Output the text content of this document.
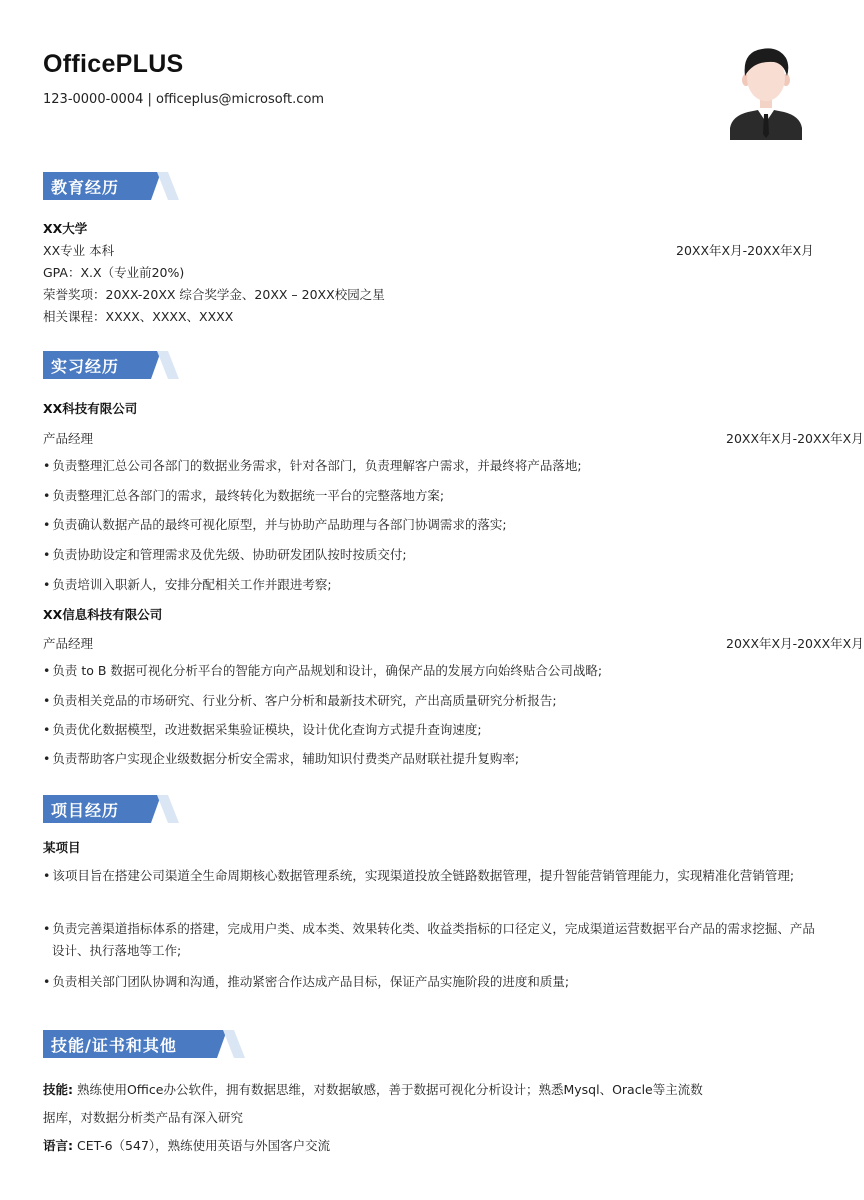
OfficePLUS
123-0000-0004 | officeplus@microsoft.com
教育经历
XX大学
XX专业 本科	20XX年X月-20XX年X月
GPA：X.X（专业前20%)
荣誉奖项：20XX-20XX 综合奖学金、20XX – 20XX校园之星
相关课程：XXXX、XXXX、XXXX
实习经历
XX科技有限公司
产品经理	20XX年X月-20XX年X月
• 负责整理汇总公司各部门的数据业务需求，针对各部门，负责理解客户需求，并最终将产品落地;
• 负责整理汇总各部门的需求，最终转化为数据统一平台的完整落地方案;
• 负责确认数据产品的最终可视化原型，并与协助产品助理与各部门协调需求的落实;
• 负责协助设定和管理需求及优先级、协助研发团队按时按质交付;
• 负责培训入职新人，安排分配相关工作并跟进考察;
XX信息科技有限公司
产品经理	20XX年X月-20XX年X月
• 负责 to B 数据可视化分析平台的智能方向产品规划和设计，确保产品的发展方向始终贴合公司战略;
• 负责相关竞品的市场研究、行业分析、客户分析和最新技术研究，产出高质量研究分析报告;
• 负责优化数据模型，改进数据采集验证模块，设计优化查询方式提升查询速度;
• 负责帮助客户实现企业级数据分析安全需求，辅助知识付费类产品财联社提升复购率;
项目经历
某项目
• 该项目旨在搭建公司渠道全生命周期核心数据管理系统，实现渠道投放全链路数据管理，提升智能营销管理能力，实现精准化营销管理;
• 负责完善渠道指标体系的搭建，完成用户类、成本类、效果转化类、收益类指标的口径定义，完成渠道运营数据平台产品的需求挖掘、产品设计、执行落地等工作;
• 负责相关部门团队协调和沟通，推动紧密合作达成产品目标，保证产品实施阶段的进度和质量;
技能/证书和其他
技能: 熟练使用Office办公软件，拥有数据思维，对数据敏感，善于数据可视化分析设计；熟悉Mysql、Oracle等主流数
据库，对数据分析类产品有深入研究
语言: CET-6（547），熟练使用英语与外国客户交流
